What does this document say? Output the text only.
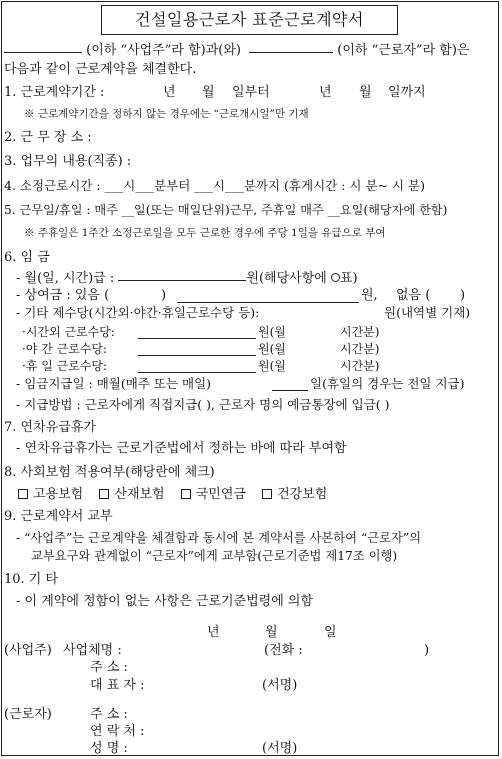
건설일용근로자 표준근로계약서
(이하 “사업주”라 함)과(와)	(이하 “근로자”라 함)은
다음과 같이 근로계약을 체결한다.
1. 근로계약기간 :	년 월 일부터	년 월 일까지
※ 근로계약기간을 정하지 않는 경우에는 “근로개시일”만 기재
2. 근 무 장 소 :
3. 업무의 내용(직종) :
4. 소정근로시간 : ___시___분부터 ___시___분까지 (휴게시간 : 시 분~ 시 분)
5. 근무일/휴일 : 매주 __일(또는 매일단위)근무, 주휴일 매주 __요일(해당자에 한함)
※ 주휴일은 1주간 소정근로일을 모두 근로한 경우에 주당 1일을 유급으로 부여
6. 임 금
- 월(일, 시간)급 :	원(해당사항에 ○표)
- 상여금 : 있음 (	)	원, 없음 ( )
- 기타 제수당(시간외·야간·휴일근로수당 등):	원(내역별 기재)
·시간외 근로수당:	원(월	시간분)
·야 간 근로수당:	원(월	시간분)
·휴 일 근로수당:	원(월	시간분)
- 임금지급일 : 매월(매주 또는 매일)	일(휴일의 경우는 전일 지급)
- 지급방법 : 근로자에게 직접지급( ), 근로자 명의 예금통장에 입금( )
7. 연차유급휴가
- 연차유급휴가는 근로기준법에서 정하는 바에 따라 부여함
8. 사회보험 적용여부(해당란에 체크)
고용보험 산재보험 국민연금 건강보험
9. 근로계약서 교부
- “사업주”는 근로계약을 체결함과 동시에 본 계약서를 사본하여 “근로자”의
교부요구와 관계없이 “근로자”에게 교부함(근로기준법 제17조 이행)
10. 기 타
- 이 계약에 정함이 없는 사항은 근로기준법령에 의함
년	월	일
(사업주) 사업체명 :	(전화 :	)
주 소 :
대 표 자 :	(서명)
(근로자)	주 소 :
연 락 처 :
성 명 :	(서명)
